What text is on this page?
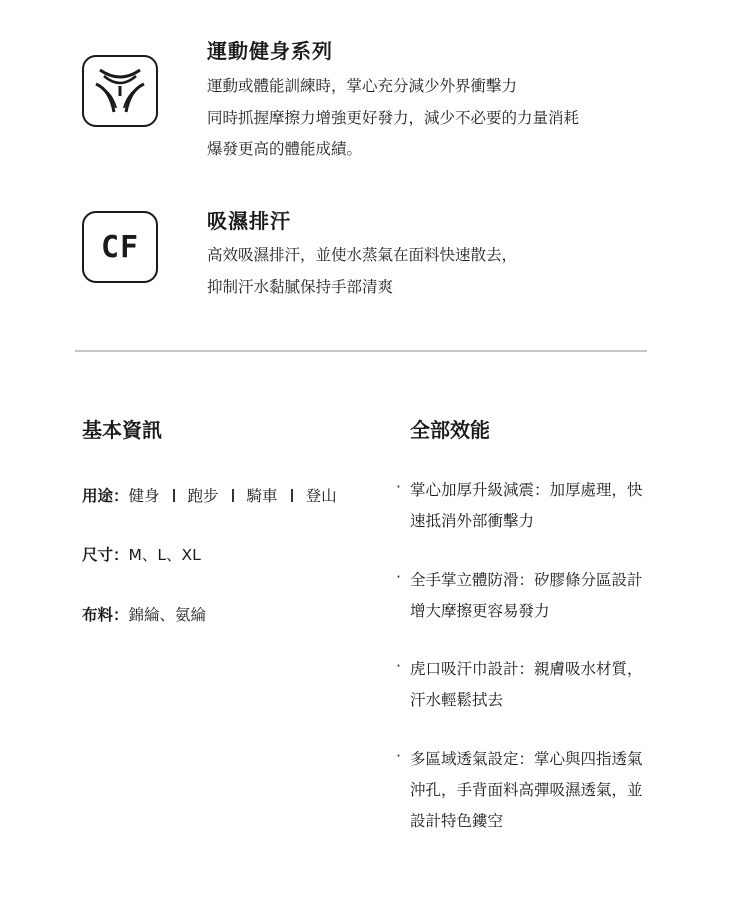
運動健身系列
運動或體能訓練時，掌心充分減少外界衝擊力
同時抓握摩擦力增強更好發力，減少不必要的力量消耗
爆發更高的體能成績。
CF
吸濕排汗
高效吸濕排汗，並使水蒸氣在面料快速散去，
抑制汗水黏膩保持手部清爽
基本資訊
用途：健身 跑步 騎車 登山
尺寸：M、L、XL
布料：錦綸、氨綸
全部效能
· 掌心加厚升級減震：加厚處理，快
速抵消外部衝擊力
· 全手掌立體防滑：矽膠條分區設計
增大摩擦更容易發力
· 虎口吸汗巾設計：親膚吸水材質，
汗水輕鬆拭去
· 多區域透氣設定：掌心與四指透氣
沖孔，手背面料高彈吸濕透氣，並
設計特色鏤空
